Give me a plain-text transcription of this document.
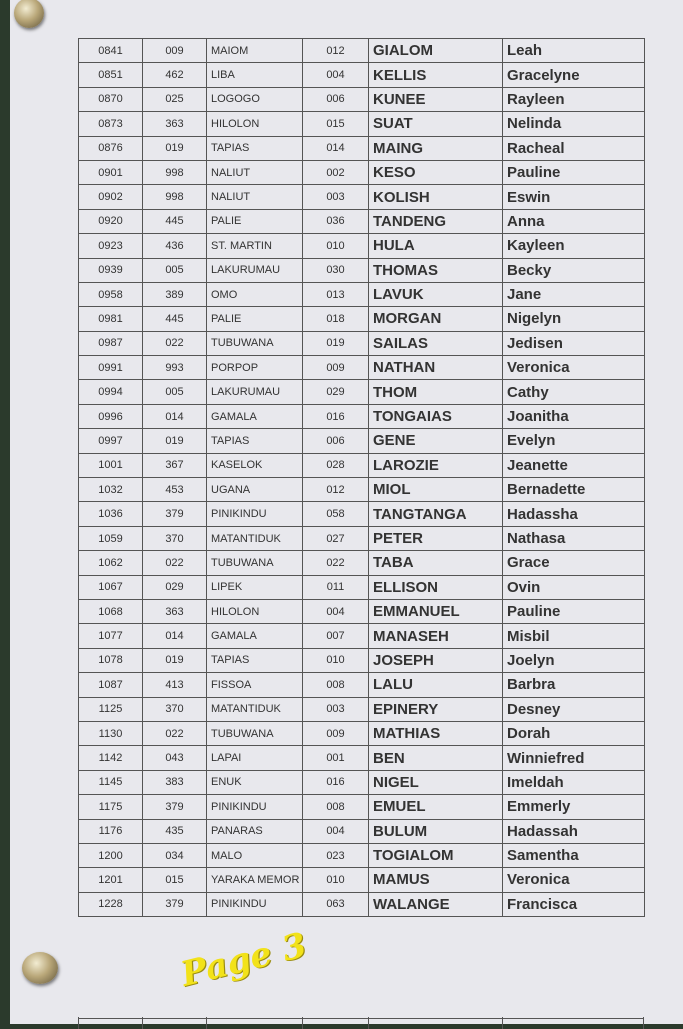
0841	009	MAIOM	012	GIALOM	Leah
0851	462	LIBA	004	KELLIS	Gracelyne
0870	025	LOGOGO	006	KUNEE	Rayleen
0873	363	HILOLON	015	SUAT	Nelinda
0876	019	TAPIAS	014	MAING	Racheal
0901	998	NALIUT	002	KESO	Pauline
0902	998	NALIUT	003	KOLISH	Eswin
0920	445	PALIE	036	TANDENG	Anna
0923	436	ST. MARTIN	010	HULA	Kayleen
0939	005	LAKURUMAU	030	THOMAS	Becky
0958	389	OMO	013	LAVUK	Jane
0981	445	PALIE	018	MORGAN	Nigelyn
0987	022	TUBUWANA	019	SAILAS	Jedisen
0991	993	PORPOP	009	NATHAN	Veronica
0994	005	LAKURUMAU	029	THOM	Cathy
0996	014	GAMALA	016	TONGAIAS	Joanitha
0997	019	TAPIAS	006	GENE	Evelyn
1001	367	KASELOK	028	LAROZIE	Jeanette
1032	453	UGANA	012	MIOL	Bernadette
1036	379	PINIKINDU	058	TANGTANGA	Hadassha
1059	370	MATANTIDUK	027	PETER	Nathasa
1062	022	TUBUWANA	022	TABA	Grace
1067	029	LIPEK	011	ELLISON	Ovin
1068	363	HILOLON	004	EMMANUEL	Pauline
1077	014	GAMALA	007	MANASEH	Misbil
1078	019	TAPIAS	010	JOSEPH	Joelyn
1087	413	FISSOA	008	LALU	Barbra
1125	370	MATANTIDUK	003	EPINERY	Desney
1130	022	TUBUWANA	009	MATHIAS	Dorah
1142	043	LAPAI	001	BEN	Winniefred
1145	383	ENUK	016	NIGEL	Imeldah
1175	379	PINIKINDU	008	EMUEL	Emmerly
1176	435	PANARAS	004	BULUM	Hadassah
1200	034	MALO	023	TOGIALOM	Samentha
1201	015	YARAKA MEMOR	010	MAMUS	Veronica
1228	379	PINIKINDU	063	WALANGE	Francisca
Page 3
